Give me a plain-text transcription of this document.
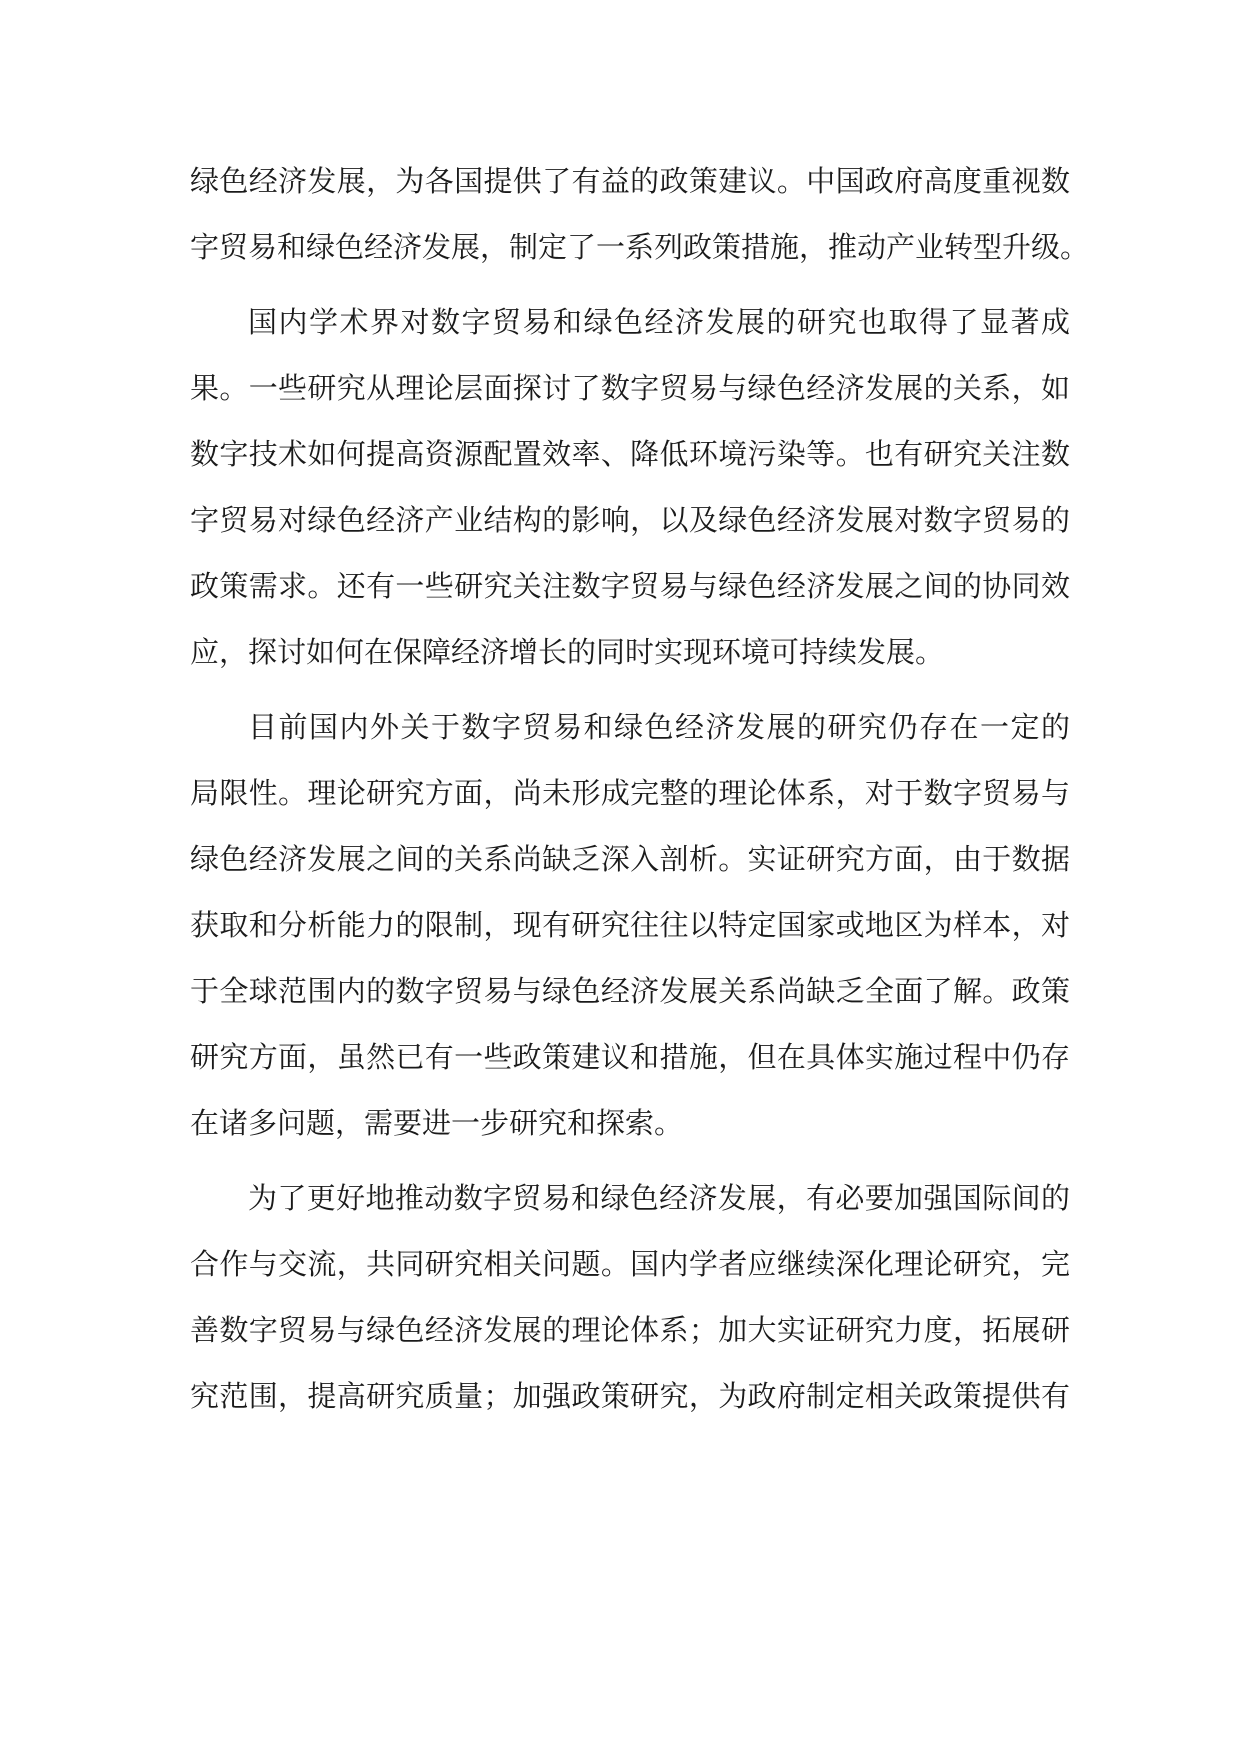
绿色经济发展，为各国提供了有益的政策建议。中国政府高度重视数
字贸易和绿色经济发展，制定了一系列政策措施，推动产业转型升级。
国内学术界对数字贸易和绿色经济发展的研究也取得了显著成
果。一些研究从理论层面探讨了数字贸易与绿色经济发展的关系，如
数字技术如何提高资源配置效率、降低环境污染等。也有研究关注数
字贸易对绿色经济产业结构的影响，以及绿色经济发展对数字贸易的
政策需求。还有一些研究关注数字贸易与绿色经济发展之间的协同效
应，探讨如何在保障经济增长的同时实现环境可持续发展。
目前国内外关于数字贸易和绿色经济发展的研究仍存在一定的
局限性。理论研究方面，尚未形成完整的理论体系，对于数字贸易与
绿色经济发展之间的关系尚缺乏深入剖析。实证研究方面，由于数据
获取和分析能力的限制，现有研究往往以特定国家或地区为样本，对
于全球范围内的数字贸易与绿色经济发展关系尚缺乏全面了解。政策
研究方面，虽然已有一些政策建议和措施，但在具体实施过程中仍存
在诸多问题，需要进一步研究和探索。
为了更好地推动数字贸易和绿色经济发展，有必要加强国际间的
合作与交流，共同研究相关问题。国内学者应继续深化理论研究，完
善数字贸易与绿色经济发展的理论体系；加大实证研究力度，拓展研
究范围，提高研究质量；加强政策研究，为政府制定相关政策提供有
